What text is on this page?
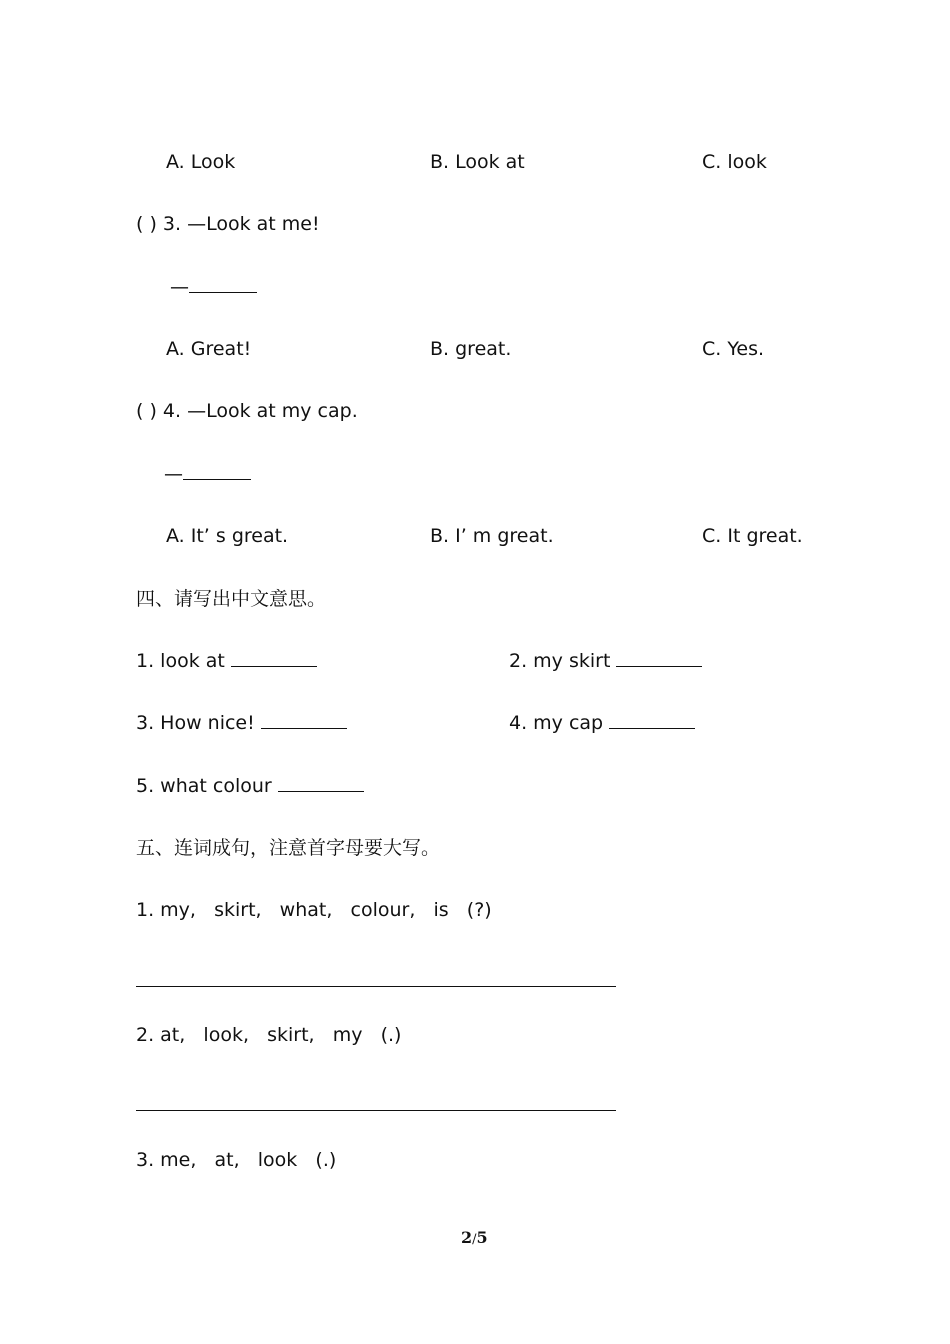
A. Look	B. Look at	C. look
( ) 3. —Look at me!
—
A. Great!	B. great.	C. Yes.
( ) 4. —Look at my cap.
—
A. It’ s great.	B. I’ m great.	C. It great.
四、请写出中文意思。
1. look at	2. my skirt
3. How nice!	4. my cap
5. what colour
五、连词成句，注意首字母要大写。
1. my,   skirt,   what,   colour,   is   (?)
2. at,   look,   skirt,   my   (.)
3. me,   at,   look   (.)
2/5
